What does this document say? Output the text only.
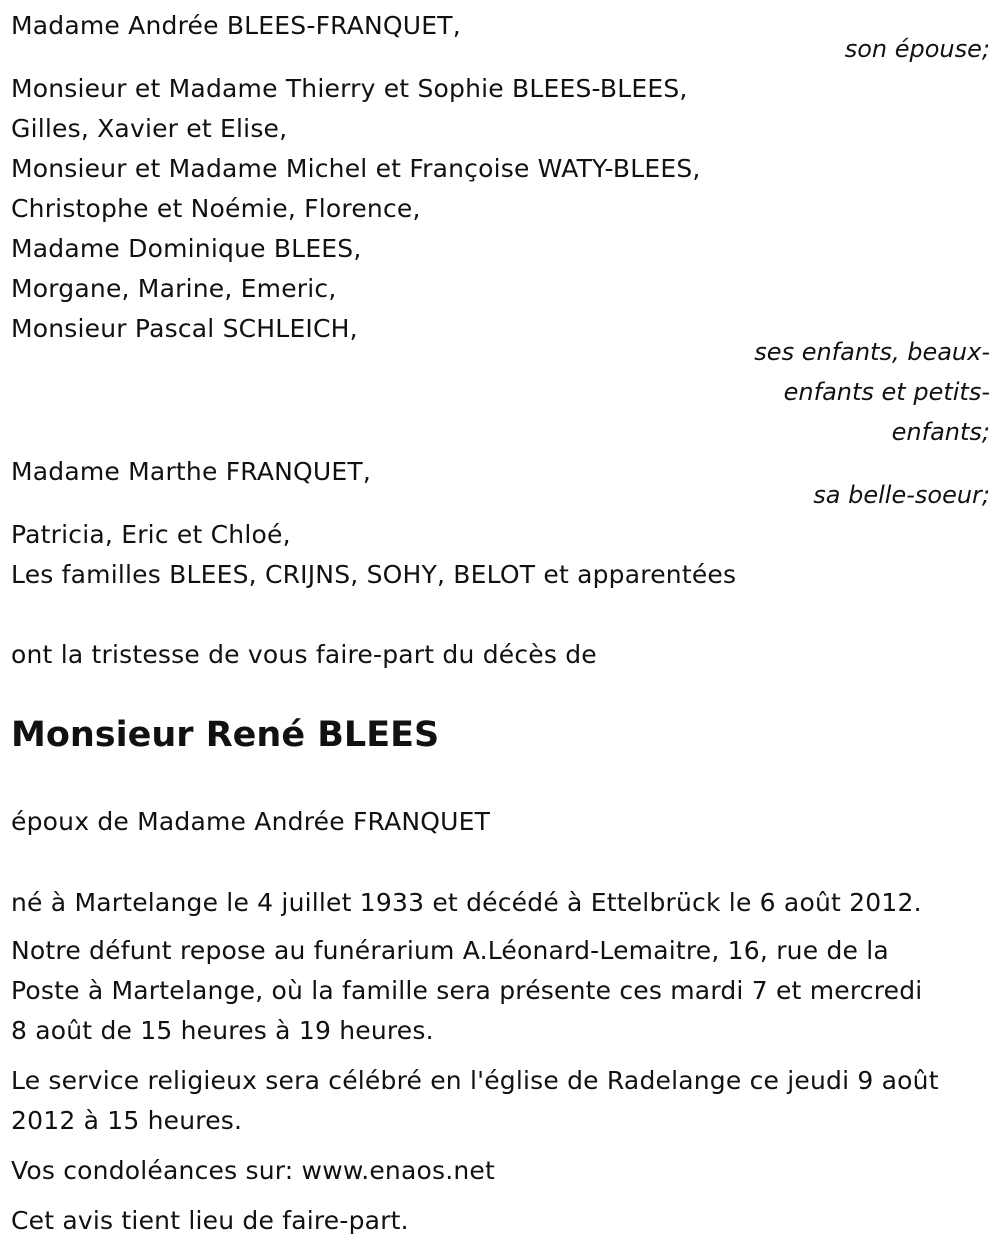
Madame Andrée BLEES-FRANQUET,
son épouse;
Monsieur et Madame Thierry et Sophie BLEES-BLEES,
Gilles, Xavier et Elise,
Monsieur et Madame Michel et Françoise WATY-BLEES,
Christophe et Noémie, Florence,
Madame Dominique BLEES,
Morgane, Marine, Emeric,
Monsieur Pascal SCHLEICH,
ses enfants, beaux-
enfants et petits-
enfants;
Madame Marthe FRANQUET,
sa belle-soeur;
Patricia, Eric et Chloé,
Les familles BLEES, CRIJNS, SOHY, BELOT et apparentées
ont la tristesse de vous faire-part du décès de
Monsieur René BLEES
époux de Madame Andrée FRANQUET
né à Martelange le 4 juillet 1933 et décédé à Ettelbrück le 6 août 2012.
Notre défunt repose au funérarium A.Léonard-Lemaitre, 16, rue de la
Poste à Martelange, où la famille sera présente ces mardi 7 et mercredi
8 août de 15 heures à 19 heures.
Le service religieux sera célébré en l'église de Radelange ce jeudi 9 août
2012 à 15 heures.
Vos condoléances sur: www.enaos.net
Cet avis tient lieu de faire-part.
